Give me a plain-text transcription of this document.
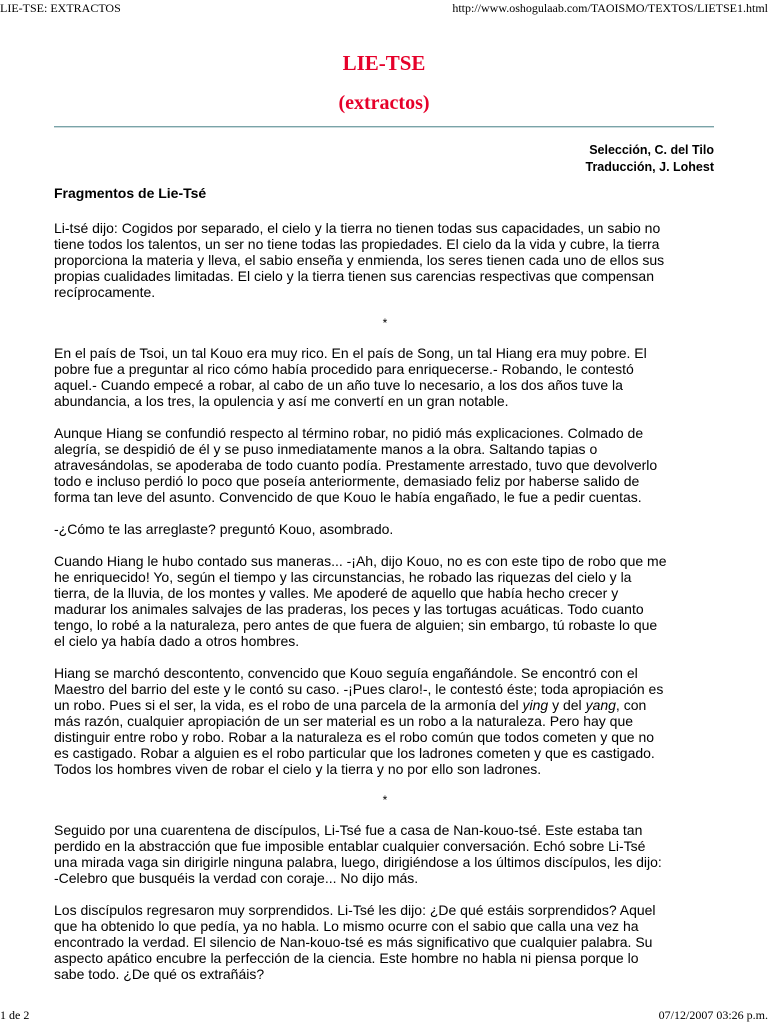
LIE-TSE: EXTRACTOS	http://www.oshogulaab.com/TAOISMO/TEXTOS/LIETSE1.html
LIE-TSE
(extractos)
Selección, C. del Tilo
Traducción, J. Lohest
Fragmentos de Lie-Tsé

Li-tsé dijo: Cogidos por separado, el cielo y la tierra no tienen todas sus capacidades, un sabio no
tiene todos los talentos, un ser no tiene todas las propiedades. El cielo da la vida y cubre, la tierra
proporciona la materia y lleva, el sabio enseña y enmienda, los seres tienen cada uno de ellos sus
propias cualidades limitadas. El cielo y la tierra tienen sus carencias respectivas que compensan
recíprocamente.

*

En el país de Tsoi, un tal Kouo era muy rico. En el país de Song, un tal Hiang era muy pobre. El
pobre fue a preguntar al rico cómo había procedido para enriquecerse.- Robando, le contestó
aquel.- Cuando empecé a robar, al cabo de un año tuve lo necesario, a los dos años tuve la
abundancia, a los tres, la opulencia y así me convertí en un gran notable.

Aunque Hiang se confundió respecto al término robar, no pidió más explicaciones. Colmado de
alegría, se despidió de él y se puso inmediatamente manos a la obra. Saltando tapias o
atravesándolas, se apoderaba de todo cuanto podía. Prestamente arrestado, tuvo que devolverlo
todo e incluso perdió lo poco que poseía anteriormente, demasiado feliz por haberse salido de
forma tan leve del asunto. Convencido de que Kouo le había engañado, le fue a pedir cuentas.

-¿Cómo te las arreglaste? preguntó Kouo, asombrado.

Cuando Hiang le hubo contado sus maneras... -¡Ah, dijo Kouo, no es con este tipo de robo que me
he enriquecido! Yo, según el tiempo y las circunstancias, he robado las riquezas del cielo y la
tierra, de la lluvia, de los montes y valles. Me apoderé de aquello que había hecho crecer y
madurar los animales salvajes de las praderas, los peces y las tortugas acuáticas. Todo cuanto
tengo, lo robé a la naturaleza, pero antes de que fuera de alguien; sin embargo, tú robaste lo que
el cielo ya había dado a otros hombres.

Hiang se marchó descontento, convencido que Kouo seguía engañándole. Se encontró con el
Maestro del barrio del este y le contó su caso. -¡Pues claro!-, le contestó éste; toda apropiación es
un robo. Pues si el ser, la vida, es el robo de una parcela de la armonía del ying y del yang, con
más razón, cualquier apropiación de un ser material es un robo a la naturaleza. Pero hay que
distinguir entre robo y robo. Robar a la naturaleza es el robo común que todos cometen y que no
es castigado. Robar a alguien es el robo particular que los ladrones cometen y que es castigado.
Todos los hombres viven de robar el cielo y la tierra y no por ello son ladrones.

*

Seguido por una cuarentena de discípulos, Li-Tsé fue a casa de Nan-kouo-tsé. Este estaba tan
perdido en la abstracción que fue imposible entablar cualquier conversación. Echó sobre Li-Tsé
una mirada vaga sin dirigirle ninguna palabra, luego, dirigiéndose a los últimos discípulos, les dijo:
-Celebro que busquéis la verdad con coraje... No dijo más.

Los discípulos regresaron muy sorprendidos. Li-Tsé les dijo: ¿De qué estáis sorprendidos? Aquel
que ha obtenido lo que pedía, ya no habla. Lo mismo ocurre con el sabio que calla una vez ha
encontrado la verdad. El silencio de Nan-kouo-tsé es más significativo que cualquier palabra. Su
aspecto apático encubre la perfección de la ciencia. Este hombre no habla ni piensa porque lo
sabe todo. ¿De qué os extrañáis?

1 de 2	07/12/2007 03:26 p.m.
